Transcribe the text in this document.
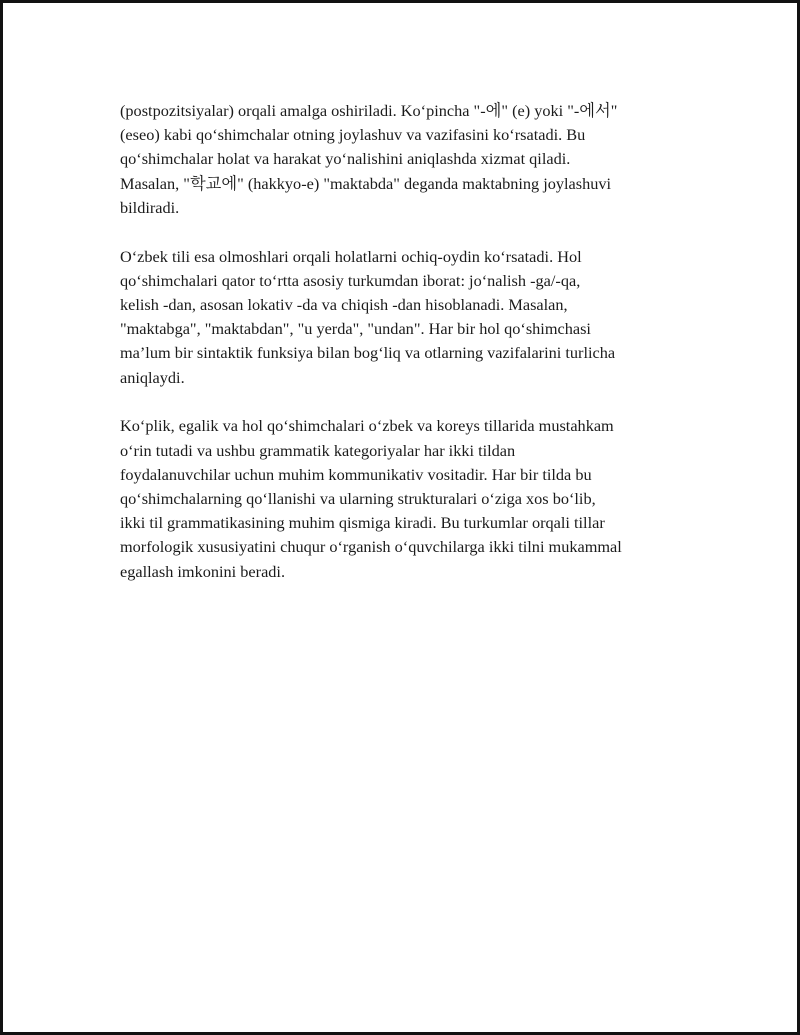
(postpozitsiyalar) orqali amalga oshiriladi. Ko‘pincha "-에" (e) yoki "-에서"
(eseo) kabi qo‘shimchalar otning joylashuv va vazifasini ko‘rsatadi. Bu
qo‘shimchalar holat va harakat yo‘nalishini aniqlashda xizmat qiladi.
Masalan, "학교에" (hakkyo-e) "maktabda" deganda maktabning joylashuvi
bildiradi.

O‘zbek tili esa olmoshlari orqali holatlarni ochiq-oydin ko‘rsatadi. Hol
qo‘shimchalari qator to‘rtta asosiy turkumdan iborat: jo‘nalish -ga/-qa,
kelish -dan, asosan lokativ -da va chiqish -dan hisoblanadi. Masalan,
"maktabga", "maktabdan", "u yerda", "undan". Har bir hol qo‘shimchasi
ma’lum bir sintaktik funksiya bilan bog‘liq va otlarning vazifalarini turlicha
aniqlaydi.

Ko‘plik, egalik va hol qo‘shimchalari o‘zbek va koreys tillarida mustahkam
o‘rin tutadi va ushbu grammatik kategoriyalar har ikki tildan
foydalanuvchilar uchun muhim kommunikativ vositadir. Har bir tilda bu
qo‘shimchalarning qo‘llanishi va ularning strukturalari o‘ziga xos bo‘lib,
ikki til grammatikasining muhim qismiga kiradi. Bu turkumlar orqali tillar
morfologik xususiyatini chuqur o‘rganish o‘quvchilarga ikki tilni mukammal
egallash imkonini beradi.
